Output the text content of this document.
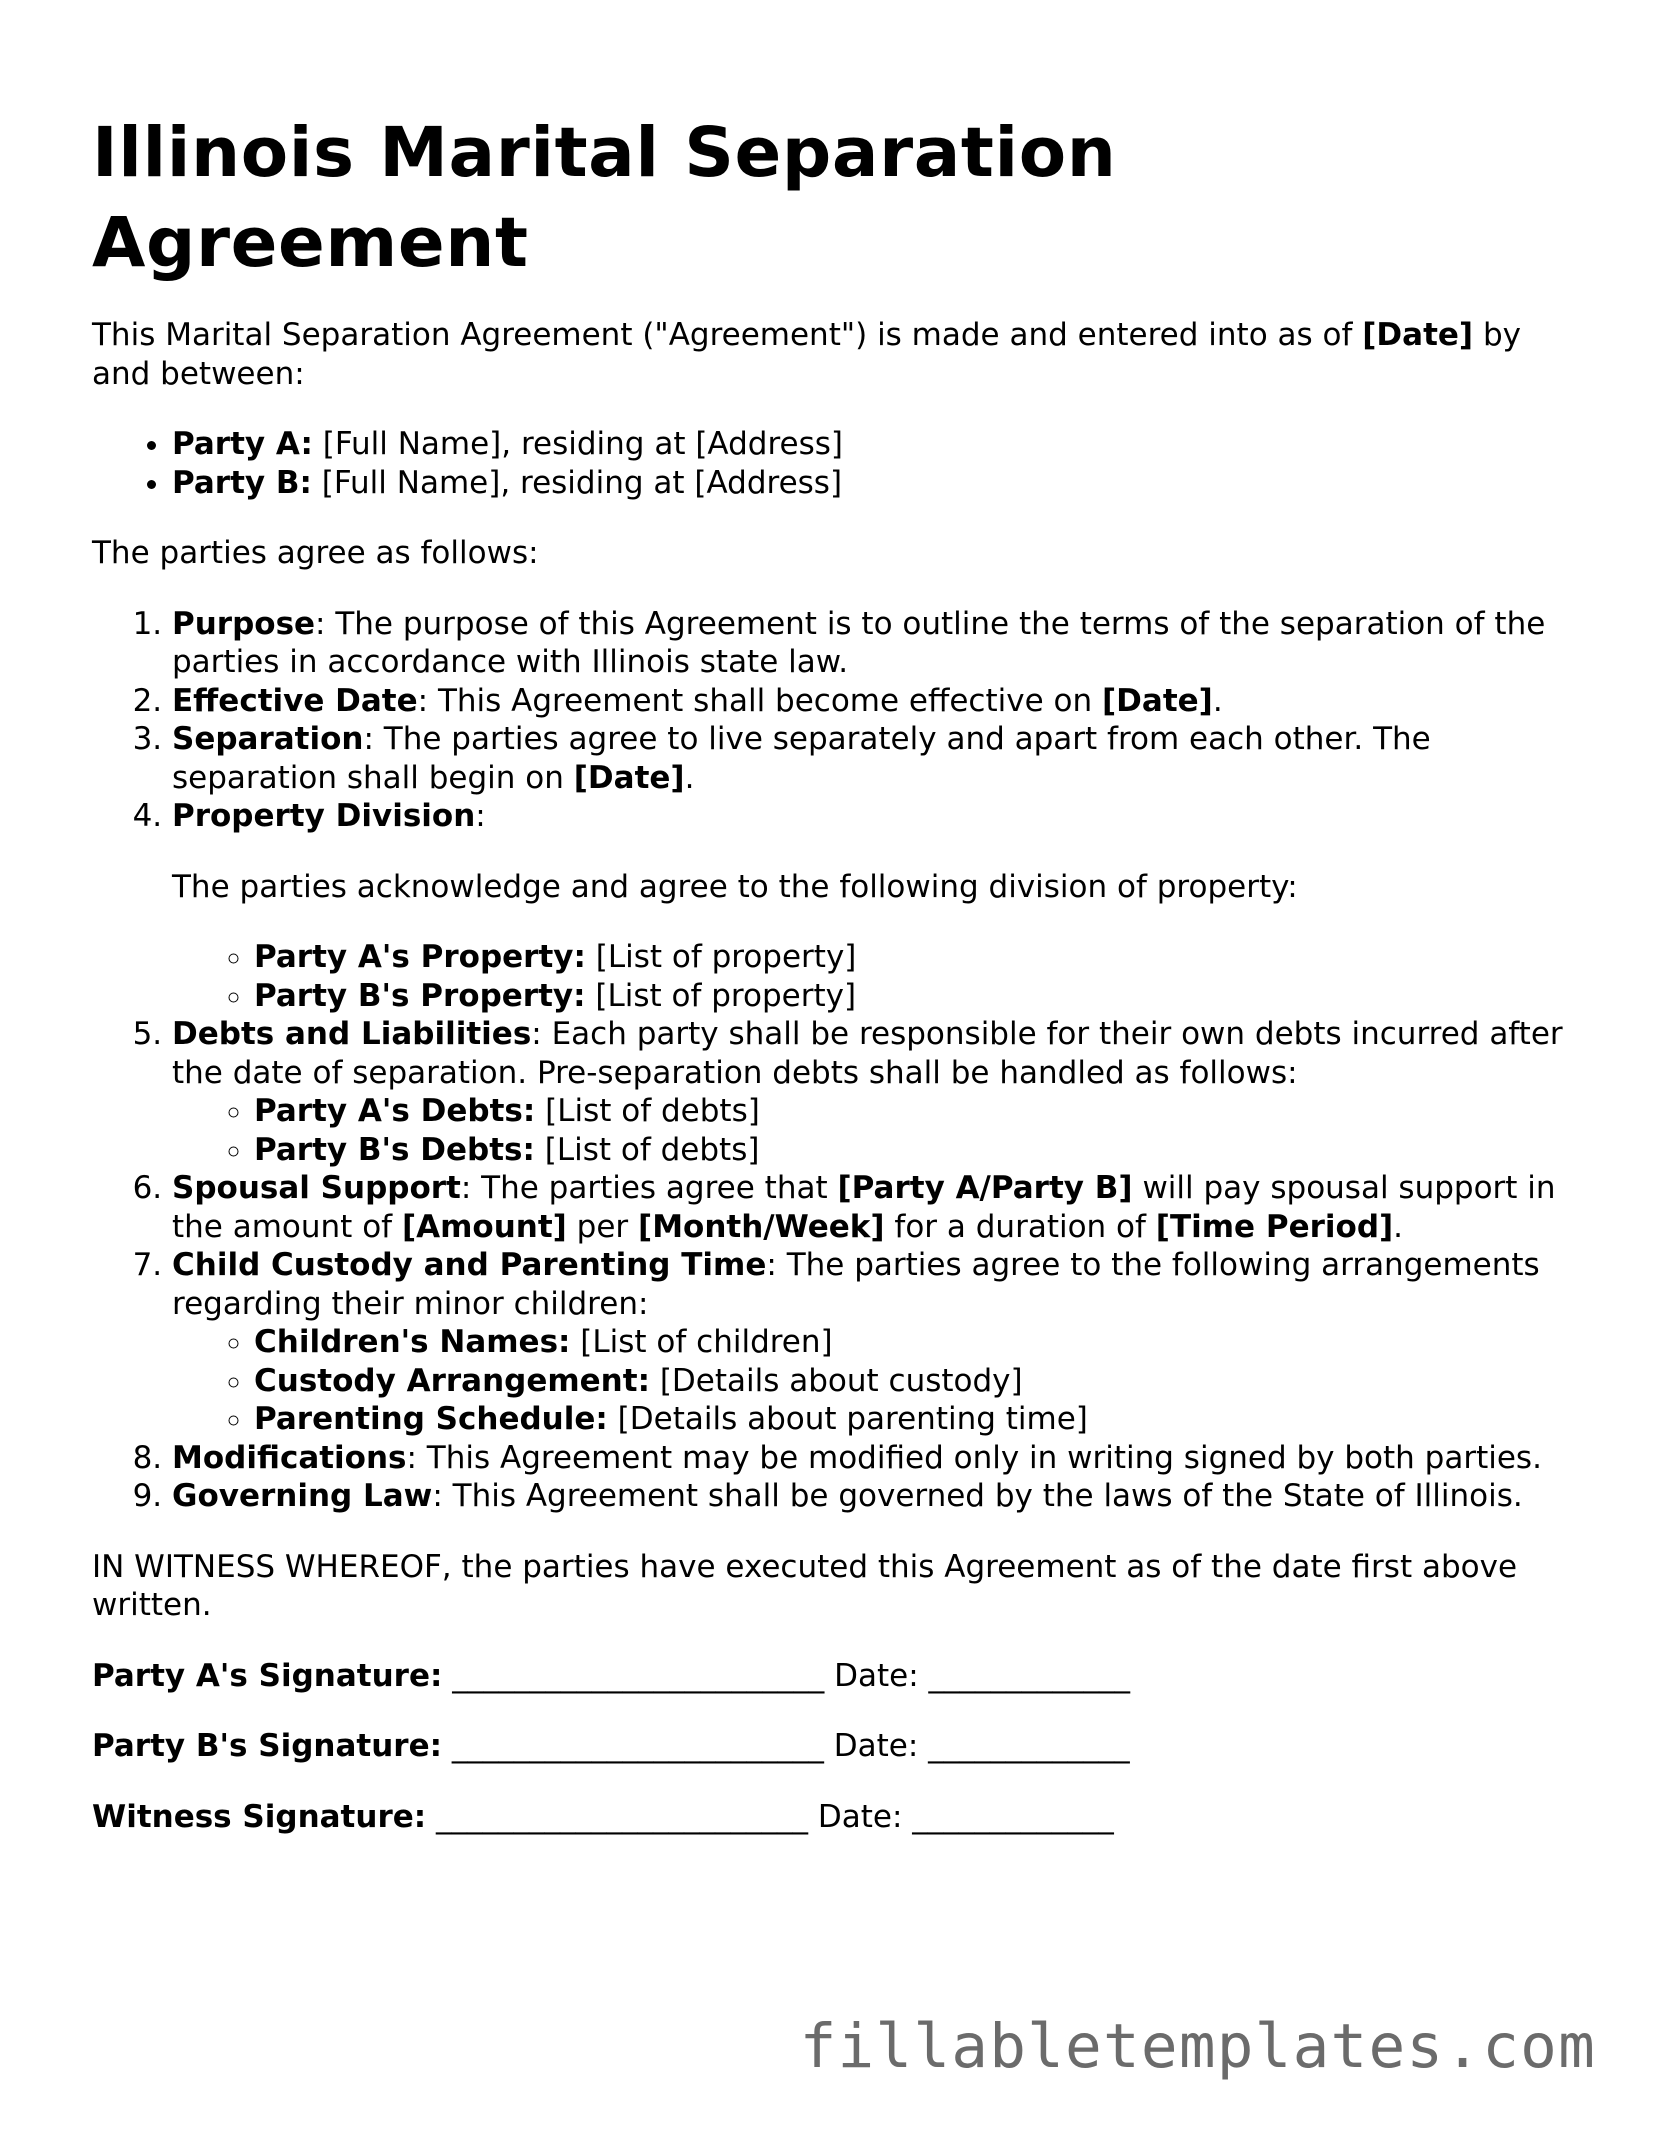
Illinois Marital Separation Agreement

This Marital Separation Agreement ("Agreement") is made and entered into as of [Date] by and between:

• Party A: [Full Name], residing at [Address]
• Party B: [Full Name], residing at [Address]

The parties agree as follows:

1. Purpose: The purpose of this Agreement is to outline the terms of the separation of the parties in accordance with Illinois state law.
2. Effective Date: This Agreement shall become effective on [Date].
3. Separation: The parties agree to live separately and apart from each other. The separation shall begin on [Date].
4. Property Division:

The parties acknowledge and agree to the following division of property:

◦ Party A's Property: [List of property]
◦ Party B's Property: [List of property]
5. Debts and Liabilities: Each party shall be responsible for their own debts incurred after the date of separation. Pre-separation debts shall be handled as follows:
◦ Party A's Debts: [List of debts]
◦ Party B's Debts: [List of debts]
6. Spousal Support: The parties agree that [Party A/Party B] will pay spousal support in the amount of [Amount] per [Month/Week] for a duration of [Time Period].
7. Child Custody and Parenting Time: The parties agree to the following arrangements regarding their minor children:
◦ Children's Names: [List of children]
◦ Custody Arrangement: [Details about custody]
◦ Parenting Schedule: [Details about parenting time]
8. Modifications: This Agreement may be modified only in writing signed by both parties.
9. Governing Law: This Agreement shall be governed by the laws of the State of Illinois.

IN WITNESS WHEREOF, the parties have executed this Agreement as of the date first above written.

Party A's Signature: ________________________ Date: _____________
Party B's Signature: ________________________ Date: _____________
Witness Signature: ________________________ Date: _____________
fillabletemplates.com
